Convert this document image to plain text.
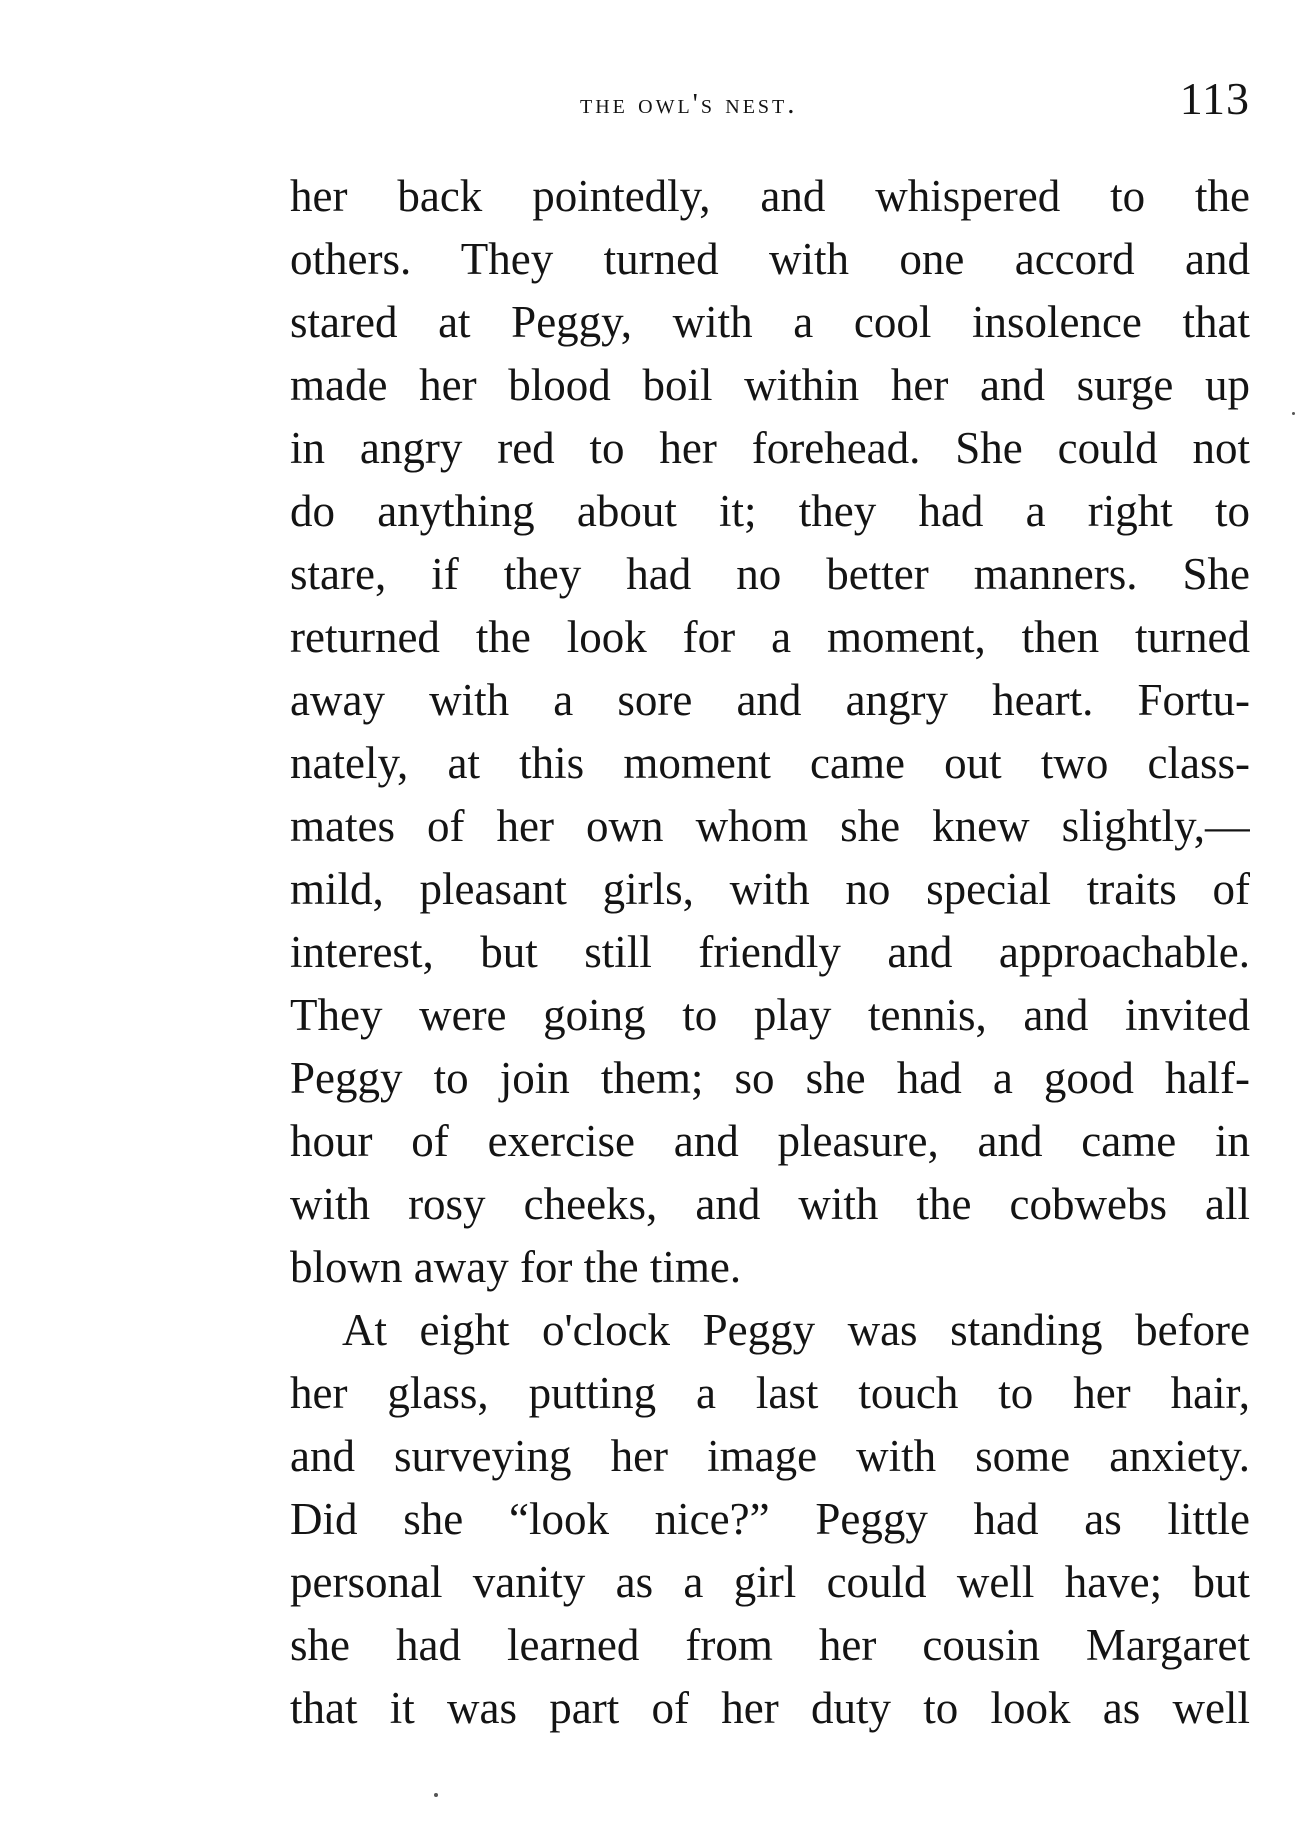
the owl's nest.	113
her back pointedly, and whispered to the
others. They turned with one accord and
stared at Peggy, with a cool insolence that
made her blood boil within her and surge up
in angry red to her forehead. She could not
do anything about it; they had a right to
stare, if they had no better manners. She
returned the look for a moment, then turned
away with a sore and angry heart. Fortu-
nately, at this moment came out two class-
mates of her own whom she knew slightly,—
mild, pleasant girls, with no special traits of
interest, but still friendly and approachable.
They were going to play tennis, and invited
Peggy to join them; so she had a good half-
hour of exercise and pleasure, and came in
with rosy cheeks, and with the cobwebs all
blown away for the time.
At eight o'clock Peggy was standing before
her glass, putting a last touch to her hair,
and surveying her image with some anxiety.
Did she “look nice?” Peggy had as little
personal vanity as a girl could well have; but
she had learned from her cousin Margaret
that it was part of her duty to look as well
